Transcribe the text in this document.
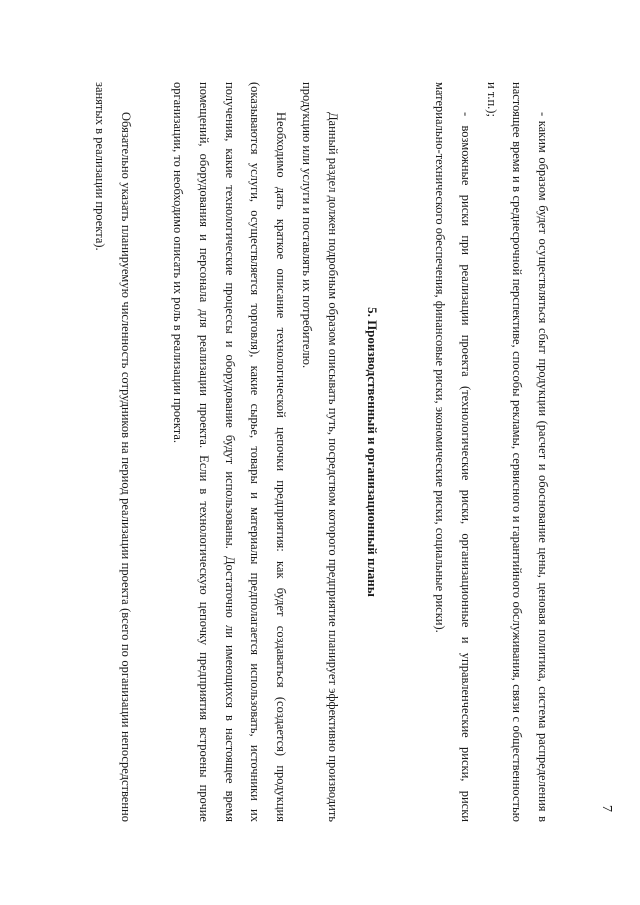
7

- каким образом будет осуществляться сбыт продукции (расчет и обоснование цены, ценовая политика, система распределения в настоящее время и в среднесрочной перспективе, способы рекламы, сервисного и гарантийного обслуживания, связи с общественностью и т.п.);

- возможные риски при реализации проекта (технологические риски, организационные и управленческие риски, риски материально-технического обеспечения, финансовые риски, экономические риски, социальные риски).

5. Производственный и организационный планы

Данный раздел должен подробным образом описывать путь, посредством которого предприятие планирует эффективно производить продукцию или услуги и поставлять их потребителю.

Необходимо дать краткое описание технологической цепочки предприятия: как будет создаваться (создается) продукция (оказываются услуги, осуществляется торговля), какие сырье, товары и материалы предполагается использовать, источники их получения, какие технологические процессы и оборудование будут использованы. Достаточно ли имеющихся в настоящее время помещений, оборудования и персонала для реализации проекта. Если в технологическую цепочку предприятия встроены прочие организации, то необходимо описать их роль в реализации проекта.

Обязательно указать планируемую численность сотрудников на период реализации проекта (всего по организации непосредственно занятых в реализации проекта).
